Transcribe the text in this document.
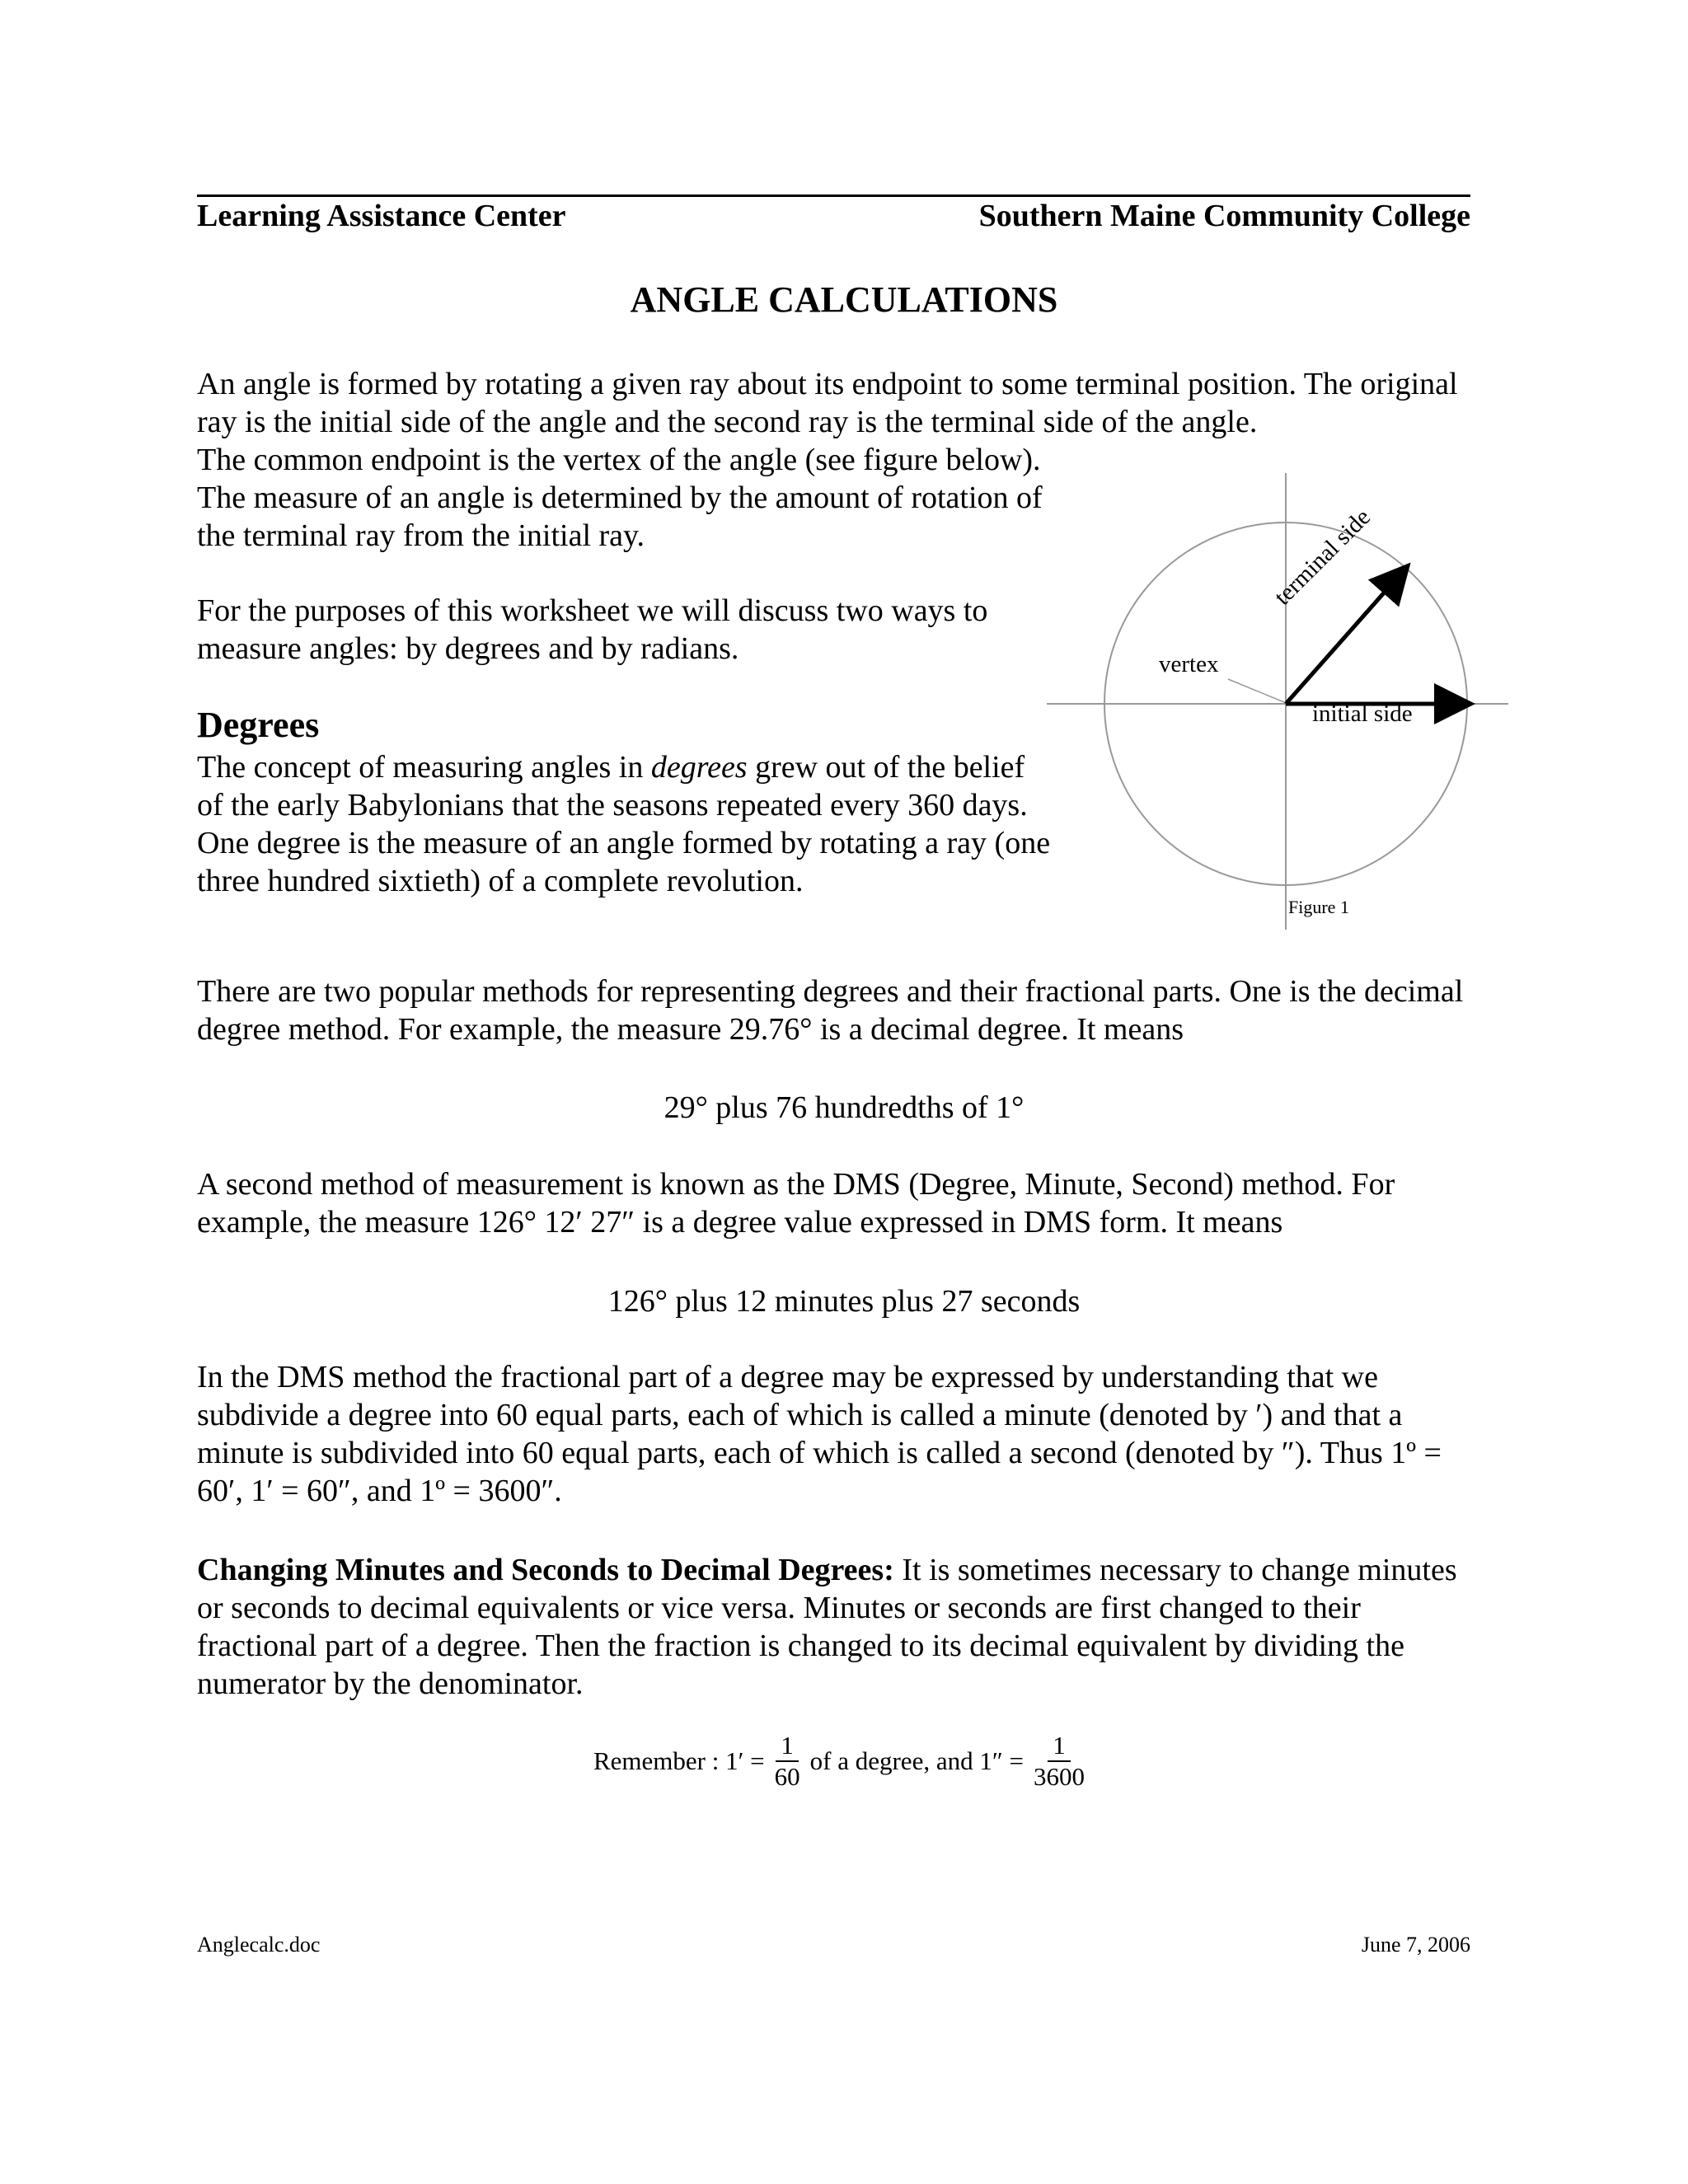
Learning Assistance Center	Southern Maine Community College
ANGLE CALCULATIONS

An angle is formed by rotating a given ray about its endpoint to some terminal position. The original ray is the initial side of the angle and the second ray is the terminal side of the angle.

The common endpoint is the vertex of the angle (see figure below). The measure of an angle is determined by the amount of rotation of the terminal ray from the initial ray.

For the purposes of this worksheet we will discuss two ways to measure angles: by degrees and by radians.

Degrees

The concept of measuring angles in degrees grew out of the belief of the early Babylonians that the seasons repeated every 360 days. One degree is the measure of an angle formed by rotating a ray (one three hundred sixtieth) of a complete revolution.

vertex
initial side
terminal side
Figure 1

There are two popular methods for representing degrees and their fractional parts. One is the decimal degree method. For example, the measure 29.76° is a decimal degree. It means

29° plus 76 hundredths of 1°

A second method of measurement is known as the DMS (Degree, Minute, Second) method. For example, the measure 126° 12′ 27″ is a degree value expressed in DMS form. It means

126° plus 12 minutes plus 27 seconds

In the DMS method the fractional part of a degree may be expressed by understanding that we subdivide a degree into 60 equal parts, each of which is called a minute (denoted by ′) and that a minute is subdivided into 60 equal parts, each of which is called a second (denoted by ″). Thus 1º = 60′, 1′ = 60″, and 1º = 3600″.

Changing Minutes and Seconds to Decimal Degrees: It is sometimes necessary to change minutes or seconds to decimal equivalents or vice versa. Minutes or seconds are first changed to their fractional part of a degree. Then the fraction is changed to its decimal equivalent by dividing the numerator by the denominator.

Remember : $1' = \frac{1}{60}$ of a degree, and $1'' = \frac{1}{3600}$
Anglecalc.doc	June 7, 2006
